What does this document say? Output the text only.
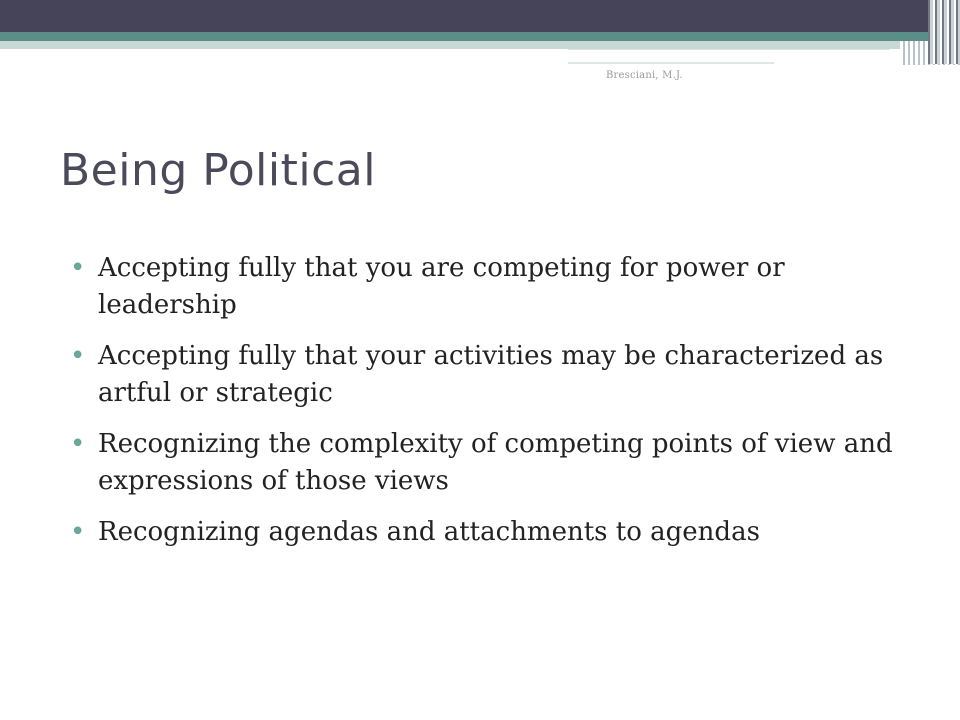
Bresciani, M.J.
Being Political
• Accepting fully that you are competing for power or leadership
• Accepting fully that your activities may be characterized as artful or strategic
• Recognizing the complexity of competing points of view and expressions of those views
• Recognizing agendas and attachments to agendas
